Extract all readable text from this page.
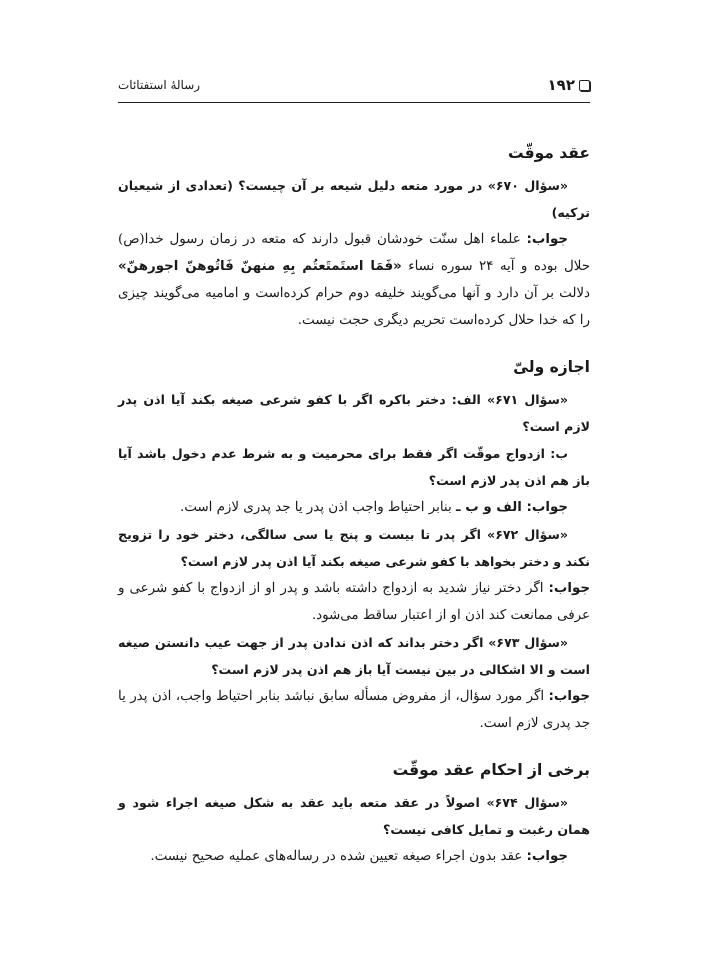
۱۹۲
رسالهٔ استفتائات
عقد موقّت

«سؤال ۶۷۰» در مورد متعه دلیل شیعه بر آن چیست؟ (تعدادی از شیعیان ترکیه)

جواب: علماء اهل سنّت خودشان قبول دارند که متعه در زمان رسول خدا(ص) حلال بوده و آیه ۲۴ سوره نساء «فَمَا استَمتَعتُم بِهِ منهنّ فَاتُوهنّ اجورهنّ» دلالت بر آن دارد و آنها می‌گویند خلیفه دوم حرام کرده‌است و امامیه می‌گویند چیزی را که خدا حلال کرده‌است تحریم دیگری حجت نیست.

اجازه ولیّ

«سؤال ۶۷۱» الف: دختر باکره اگر با کفو شرعی صیغه بکند آیا اذن پدر لازم است؟

ب: ازدواج موقّت اگر فقط برای محرمیت و به شرط عدم دخول باشد آیا باز هم اذن پدر لازم است؟

جواب: الف و ب ـ بنابر احتیاط واجب اذن پدر یا جد پدری لازم است.

«سؤال ۶۷۲» اگر پدر تا بیست و پنج یا سی سالگی، دختر خود را تزویج نکند و دختر بخواهد با کفو شرعی صیغه بکند آیا اذن پدر لازم است؟

جواب: اگر دختر نیاز شدید به ازدواج داشته باشد و پدر او از ازدواج با کفو شرعی و عرفی ممانعت کند اذن او از اعتبار ساقط می‌شود.

«سؤال ۶۷۳» اگر دختر بداند که اذن ندادن پدر از جهت عیب دانستن صیغه است و الا اشکالی در بین نیست آیا باز هم اذن پدر لازم است؟

جواب: اگر مورد سؤال، از مفروض مسأله سابق نباشد بنابر احتیاط واجب، اذن پدر یا جد پدری لازم است.

برخی از احکام عقد موقّت

«سؤال ۶۷۴» اصولاً در عقد متعه باید عقد به شکل صیغه اجراء شود و همان رغبت و تمایل کافی نیست؟

جواب: عقد بدون اجراء صیغه تعیین شده در رساله‌های عملیه صحیح نیست.
